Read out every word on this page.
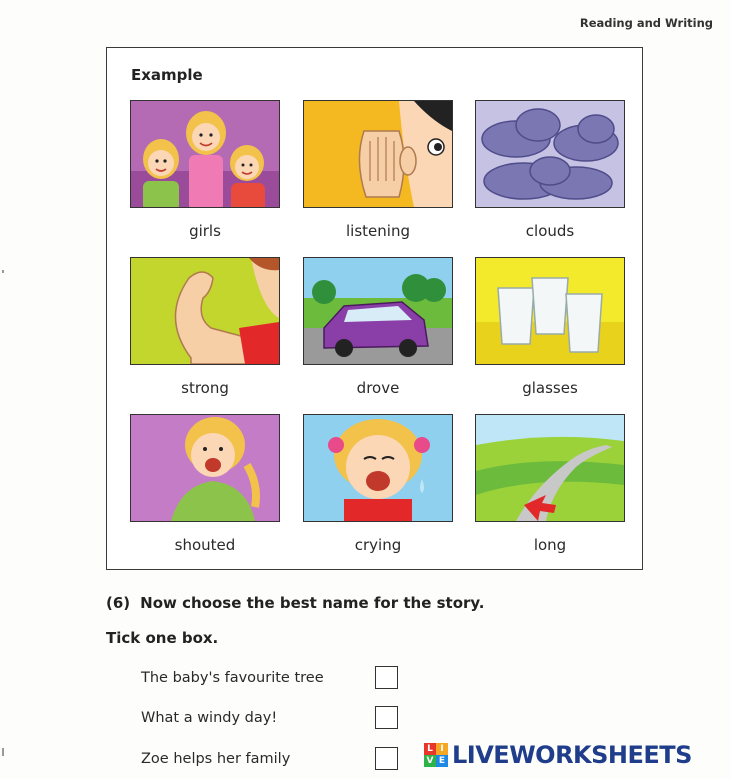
Reading and Writing
Example
girls	listening	clouds
strong	drove	glasses
shouted	crying	long
(6) Now choose the best name for the story.
Tick one box.
The baby's favourite tree
What a windy day!
Zoe helps her family
L I
V E LIVEWORKSHEETS
